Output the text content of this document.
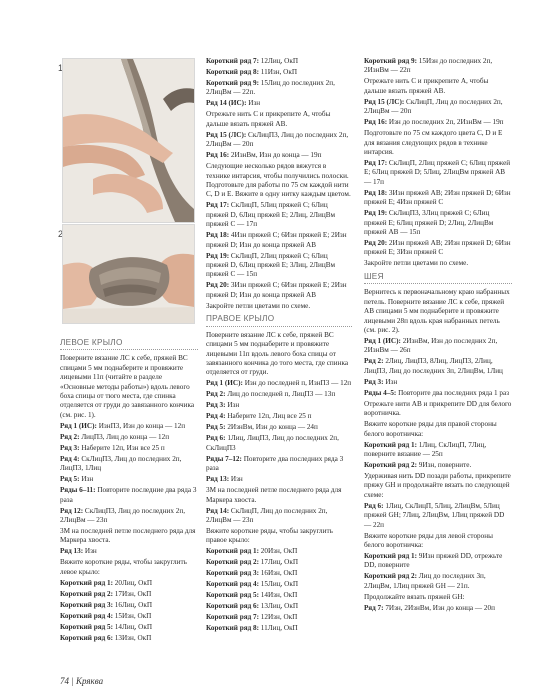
1
2
ЛЕВОЕ КРЫЛО

Поверните вязание ЛС к себе, пряжей BC спицами 5 мм поднаберите и провяжите лицевыми 11п (читайте в разделе «Основные методы работы») вдоль левого боха спицы от тюго места, где спинка отделяется от груди до завязанного кончика (см. рис. 1).

Ряд 1 (ИС): ИзнП3, Изн до конца — 12п
Ряд 2: ЛицП3, Лиц до конца — 12п
Ряд 3: Наберите 12п, Изн все 25 п
Ряд 4: СкЛицП3, Лиц до последних 2п, ЛицП3, 1Лиц
Ряд 5: Изн
Ряды 6–11: Повторите последние два ряда 3 раза
Ряд 12: СкЛицП3, Лиц до последних 2п, 2ЛицВм — 23п

3М на последней петле последнего ряда для Маркера хвоста.

Ряд 13: Изн

Вяжите короткие ряды, чтобы закруглить левое крыло:

Короткий ряд 1: 20Лиц, ОкП
Короткий ряд 2: 17Изн, ОкП
Короткий ряд 3: 16Лиц, ОкП
Короткий ряд 4: 15Изн, ОкП
Короткий ряд 5: 14Лиц, ОкП
Короткий ряд 6: 13Изн, ОкП
Короткий ряд 7: 12Лиц, ОкП
Короткий ряд 8: 11Изн, ОкП
Короткий ряд 9: 15Лиц до последних 2п, 2ЛицВм — 22п.
Ряд 14 (ИС): Изн

Отрежьте нить С и прикрепите А, чтобы дальше вязать пряжей АВ.

Ряд 15 (ЛС): СкЛицП3, Лиц до последних 2п, 2ЛицВм — 20п
Ряд 16: 2ИзнВм, Изн до конца — 19п

Следующие несколько рядов вяжутся в технике интарсия, чтобы получились полоски. Подготовьте для работы по 75 см каждой нити С, D и Е. Вяжите в одну нитку каждым цветом.

Ряд 17: СкЛицП, 5Лиц пряжей С; 6Лиц пряжей D, 6Лиц пряжей Е; 2Лиц, 2ЛицВм пряжей С — 17п
Ряд 18: 4Изн пряжей С; 6Изн пряжей Е; 2Изн пряжей D; Изн до конца пряжей АВ
Ряд 19: СкЛицП, 2Лиц пряжей С; 6Лиц пряжей D, 6Лиц пряжей Е; 3Лиц, 2ЛицВм пряжей С — 15п
Ряд 20: 3Изн пряжей С; 6Изн пряжей Е; 2Изн пряжей D; Изн до конца пряжей АВ

Закройте петли цветами по схеме.

ПРАВОЕ КРЫЛО

Поверните вязание ЛС к себе, пряжей BC спицами 5 мм поднаберите и провяжите лицевыми 11п вдоль левого боха спицы от завязанного кончика до того места, где спинка отделяется от груди.

Ряд 1 (ИС): Изн до последней п, ИзнП3 — 12п
Ряд 2: Лиц до последней п, ЛицП3 — 13п
Ряд 3: Изн
Ряд 4: Наберите 12п, Лиц все 25 п
Ряд 5: 2ИзнВм, Изн до конца — 24п
Ряд 6: 1Лиц, ЛицП3, Лиц до последних 2п, СкЛицП3
Ряды 7–12: Повторите два последних ряда 3 раза
Ряд 13: Изн

3М на последней петле последнего ряда для Маркера хвоста.

Ряд 14: СкЛицП, Лиц до последних 2п, 2ЛицВм — 23п

Вяжите короткие ряды, чтобы закруглить правое крыло:

Короткий ряд 1: 20Изн, ОкП
Короткий ряд 2: 17Лиц, ОкП
Короткий ряд 3: 16Изн, ОкП
Короткий ряд 4: 15Лиц, ОкП
Короткий ряд 5: 14Изн, ОкП
Короткий ряд 6: 13Лиц, ОкП
Короткий ряд 7: 12Изн, ОкП
Короткий ряд 8: 11Лиц, ОкП
Короткий ряд 9: 15Изн до последних 2п, 2ИзнВм — 22п

Отрежьте нить С и прикрепите А, чтобы дальше вязать пряжей АВ.

Ряд 15 (ЛС): СкЛицП, Лиц до последних 2п, 2ЛицВм — 20п
Ряд 16: Изн до последних 2п, 2ИзнВм — 19п

Подготовьте по 75 см каждого цвета С, D и Е для вязания следующих рядов в технике интарсия.

Ряд 17: СкЛицП, 2Лиц пряжей С; 6Лиц пряжей Е; 6Лиц пряжей D; 5Лиц, 2ЛицВм пряжей АВ — 17п
Ряд 18: 3Изн пряжей АВ; 2Изн пряжей D; 6Изн пряжей Е; 4Изн пряжей С
Ряд 19: СкЛицП3, 3Лиц пряжей С; 6Лиц пряжей Е; 6Лиц пряжей D; 2Лиц, 2ЛицВм пряжей АВ — 15п
Ряд 20: 2Изн пряжей АВ; 2Изн пряжей D; 6Изн пряжей Е; 3Изн пряжей С

Закройте петли цветами по схеме.

ШЕЯ

Вернитесь к первоначальному краю набранных петель. Поверните вязание ЛС к себе, пряжей АВ спицами 5 мм поднаберите и провяжите лицевыми 28п вдоль края набранных петель (см. рис. 2).

Ряд 1 (ИС): 2ИзнВм, Изн до последних 2п, 2ИзнВм — 26п
Ряд 2: 2Лиц, ЛицП3, 8Лиц, ЛицП3, 2Лиц, ЛицП3, Лиц до последних 3п, 2ЛицВм, 1Лиц
Ряд 3: Изн
Ряды 4–5: Повторите два последних ряда 1 раз

Отрежьте нити АВ и прикрепите DD для белого воротничка.

Вяжите короткие ряды для правой стороны белого воротничка:

Короткий ряд 1: 1Лиц, СкЛицП, 7Лиц, поверните вязание — 25п
Короткий ряд 2: 9Изн, поверните.

Удерживая нить DD позади работы, прикрепите пряжу GH и продолжайте вязать по следующей схеме:

Ряд 6: 1Лиц, СкЛицП, 5Лиц, 2ЛицВм, 5Лиц пряжей GH; 7Лиц, 2ЛицВм, 1Лиц пряжей DD — 22п

Вяжите короткие ряды для левой стороны белого воротничка:

Короткий ряд 1: 9Изн пряжей DD, отрежьте DD, поверните
Короткий ряд 2: Лиц до последних 3п, 2ЛицВм, 1Лиц пряжей GH — 21п.

Продолжайте вязать пряжей GH:

Ряд 7: 7Изн, 2ИзнВм, Изн до конца — 20п
74 | Кряква
